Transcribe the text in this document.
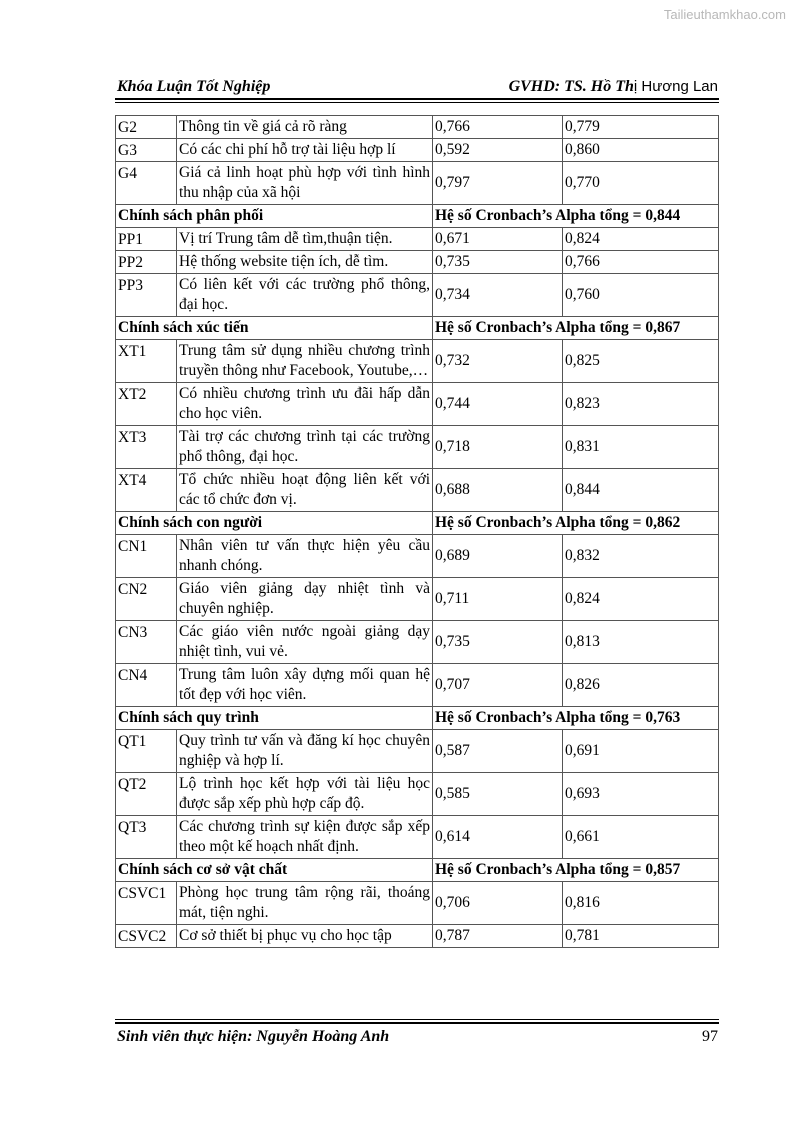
Tailieuthamkhao.com
Khóa Luận Tốt Nghiệp	GVHD: TS. Hồ Thị Hương Lan
G2	Thông tin về giá cả rõ ràng	0,766	0,779
G3	Có các chi phí hỗ trợ tài liệu hợp lí	0,592	0,860
G4	Giá cả linh hoạt phù hợp với tình hình thu nhập của xã hội	0,797	0,770
Chính sách phân phối		Hệ số Cronbach’s Alpha tổng = 0,844	
PP1	Vị trí Trung tâm dễ tìm,thuận tiện.	0,671	0,824
PP2	Hệ thống website tiện ích, dễ tìm.	0,735	0,766
PP3	Có liên kết với các trường phổ thông, đại học.	0,734	0,760
Chính sách xúc tiến		Hệ số Cronbach’s Alpha tổng = 0,867	
XT1	Trung tâm sử dụng nhiều chương trình truyền thông như Facebook, Youtube,…	0,732	0,825
XT2	Có nhiều chương trình ưu đãi hấp dẫn cho học viên.	0,744	0,823
XT3	Tài trợ các chương trình tại các trường phổ thông, đại học.	0,718	0,831
XT4	Tổ chức nhiều hoạt động liên kết với các tổ chức đơn vị.	0,688	0,844
Chính sách con người		Hệ số Cronbach’s Alpha tổng = 0,862	
CN1	Nhân viên tư vấn thực hiện yêu cầu nhanh chóng.	0,689	0,832
CN2	Giáo viên giảng dạy nhiệt tình và chuyên nghiệp.	0,711	0,824
CN3	Các giáo viên nước ngoài giảng dạy nhiệt tình, vui vẻ.	0,735	0,813
CN4	Trung tâm luôn xây dựng mối quan hệ tốt đẹp với học viên.	0,707	0,826
Chính sách quy trình		Hệ số Cronbach’s Alpha tổng = 0,763	
QT1	Quy trình tư vấn và đăng kí học chuyên nghiệp và hợp lí.	0,587	0,691
QT2	Lộ trình học kết hợp với tài liệu học được sắp xếp phù hợp cấp độ.	0,585	0,693
QT3	Các chương trình sự kiện được sắp xếp theo một kế hoạch nhất định.	0,614	0,661
Chính sách cơ sở vật chất		Hệ số Cronbach’s Alpha tổng = 0,857	
CSVC1	Phòng học trung tâm rộng rãi, thoáng mát, tiện nghi.	0,706	0,816
CSVC2	Cơ sở thiết bị phục vụ cho học tập	0,787	0,781
Sinh viên thực hiện: Nguyễn Hoàng Anh	97
